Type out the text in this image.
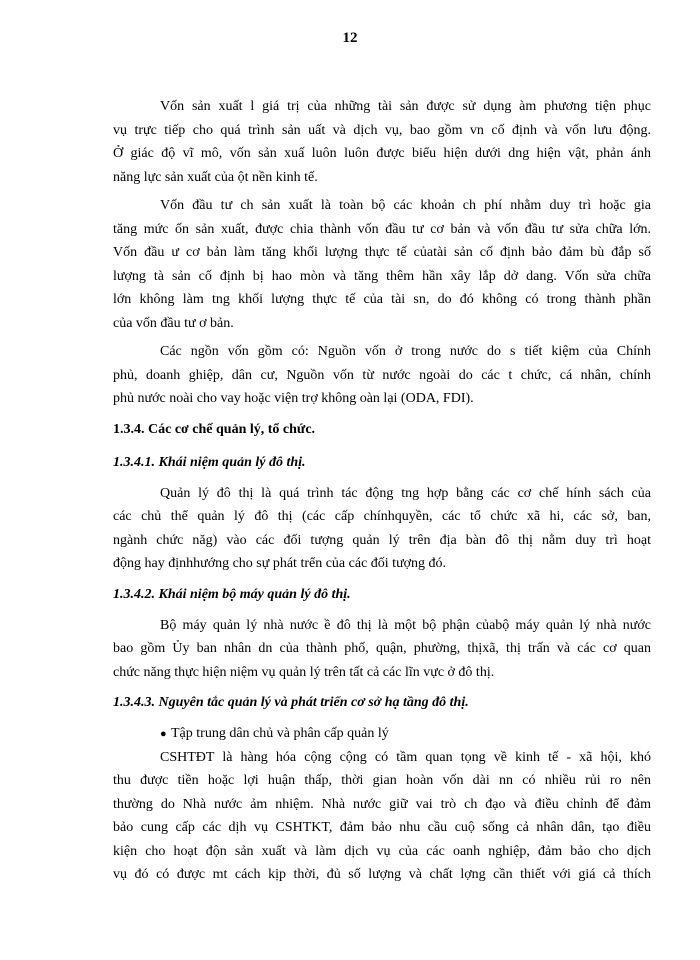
12
Vốn sản xuất l giá trị của những tài sản được sử dụng àm phương tiện phục
vụ trực tiếp cho quá trình sản uất và dịch vụ, bao gồm vn cố định và vốn lưu động.
Ở giác độ vĩ mô, vốn sản xuấ luôn luôn được biểu hiện dưới dng hiện vật, phản ánh
năng lực sản xuất của ột nền kinh tế.
Vốn đầu tư ch sản xuất là toàn bộ các khoản ch phí nhằm duy trì hoặc gia
tăng mức ốn sản xuất, được chia thành vốn đầu tư cơ bản và vốn đầu tư sửa chữa lớn.
Vốn đầu ư cơ bản làm tăng khối lượng thực tế củatài sản cố định bảo đảm bù đắp số
lượng tà sản cố định bị hao mòn và tăng thêm hần xây lắp dở dang. Vốn sửa chữa
lớn không làm tng khối lượng thực tế của tài sn, do đó không có trong thành phần
của vốn đầu tư ơ bản.
Các ngồn vốn gồm có: Nguồn vốn ở trong nước do s tiết kiệm của Chính
phủ, doanh ghiệp, dân cư, Nguồn vốn từ nước ngoài do các t chức, cá nhân, chính
phủ nước noài cho vay hoặc viện trợ không oàn lại (ODA, FDI).
1.3.4. Các cơ chế quản lý, tổ chức.
1.3.4.1. Khái niệm quản lý đô thị.
Quản lý đô thị là quá trình tác động tng hợp bằng các cơ chế hính sách của
các chủ thể quản lý đô thị (các cấp chínhquyền, các tổ chức xã hi, các sở, ban,
ngành chức năg) vào các đối tượng quản lý trên địa bàn đô thị nằm duy trì hoạt
động hay địnhhướng cho sự phát trển của các đối tượng đó.
1.3.4.2. Khái niệm bộ máy quản lý đô thị.
Bộ máy quản lý nhà nước ề đô thị là một bộ phận củabộ máy quản lý nhà nước
bao gồm Ủy ban nhân dn của thành phố, quận, phường, thịxã, thị trấn và các cơ quan
chức năng thực hiện niệm vụ quản lý trên tất cả các lĩn vực ở đô thị.
1.3.4.3. Nguyên tắc quản lý và phát triển cơ sở hạ tầng đô thị.
● Tập trung dân chủ và phân cấp quản lý
CSHTĐT là hàng hóa cộng cộng có tầm quan tọng về kinh tế - xã hội, khó
thu được tiền hoặc lợi huận thấp, thời gian hoàn vốn dài nn có nhiều rủi ro nên
thường do Nhà nước ảm nhiệm. Nhà nước giữ vai trò ch đạo và điều chỉnh để đảm
bảo cung cấp các dịh vụ CSHTKT, đảm bảo nhu cầu cuộ sống cả nhân dân, tạo điều
kiện cho hoạt độn sản xuất và làm dịch vụ của các oanh nghiệp, đảm bảo cho dịch
vụ đó có được mt cách kịp thời, đủ số lượng và chất lợng cần thiết với giá cả thích
